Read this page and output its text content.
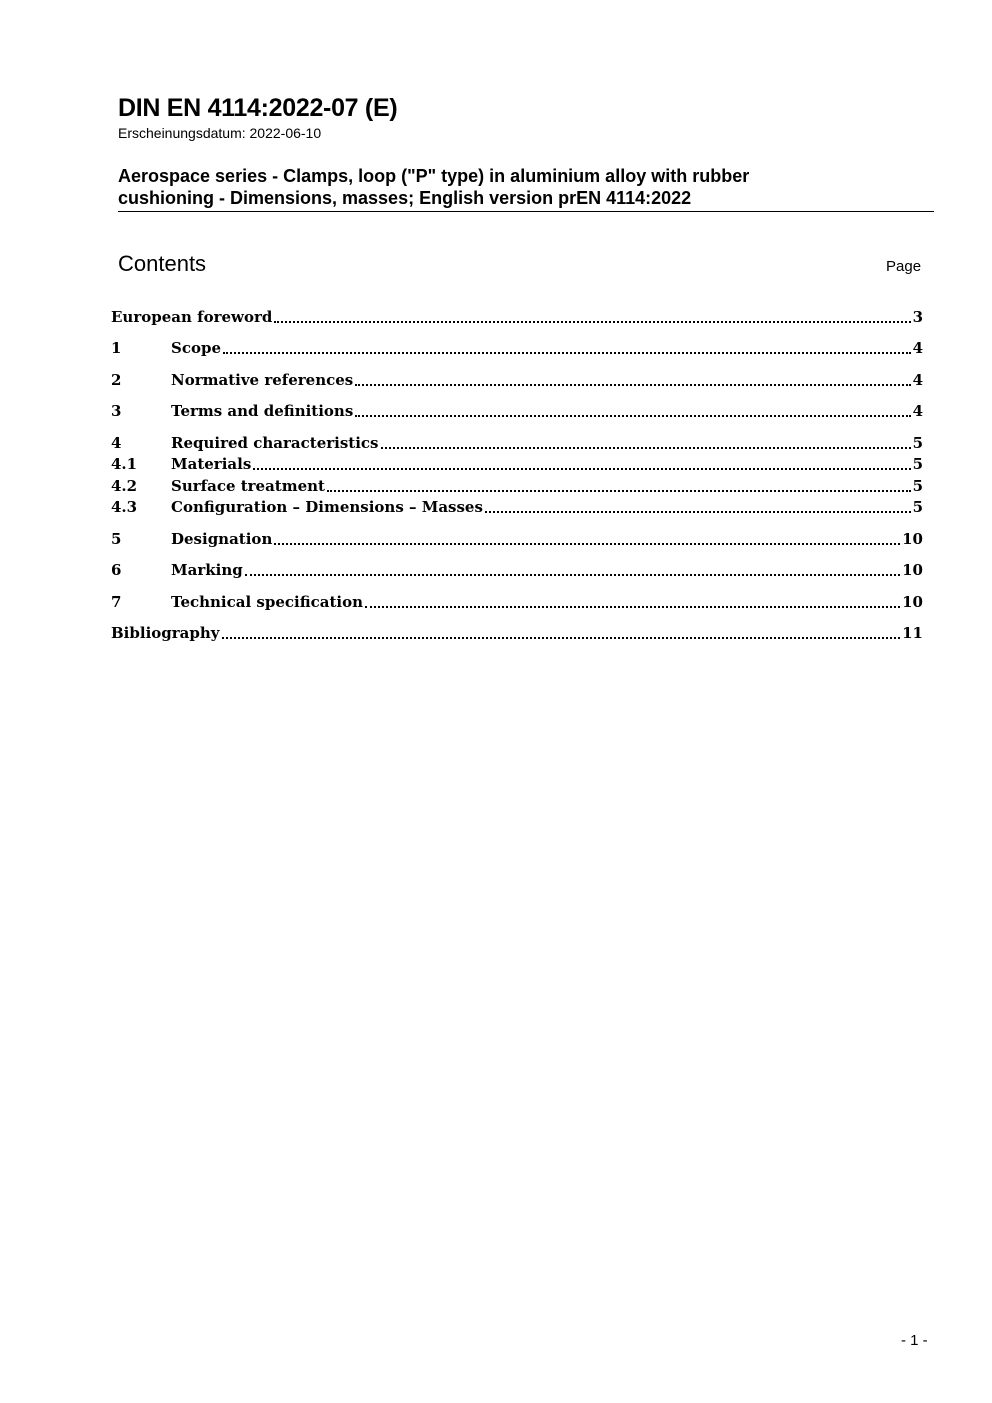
DIN EN 4114:2022-07 (E)
Erscheinungsdatum: 2022-06-10
Aerospace series - Clamps, loop ("P" type) in aluminium alloy with rubber
cushioning - Dimensions, masses; English version prEN 4114:2022
Contents	Page
European foreword	3
1	Scope	4
2	Normative references	4
3	Terms and definitions	4
4	Required characteristics	5
4.1	Materials	5
4.2	Surface treatment	5
4.3	Configuration – Dimensions – Masses	5
5	Designation	10
6	Marking	10
7	Technical specification	10
Bibliography	11
- 1 -
